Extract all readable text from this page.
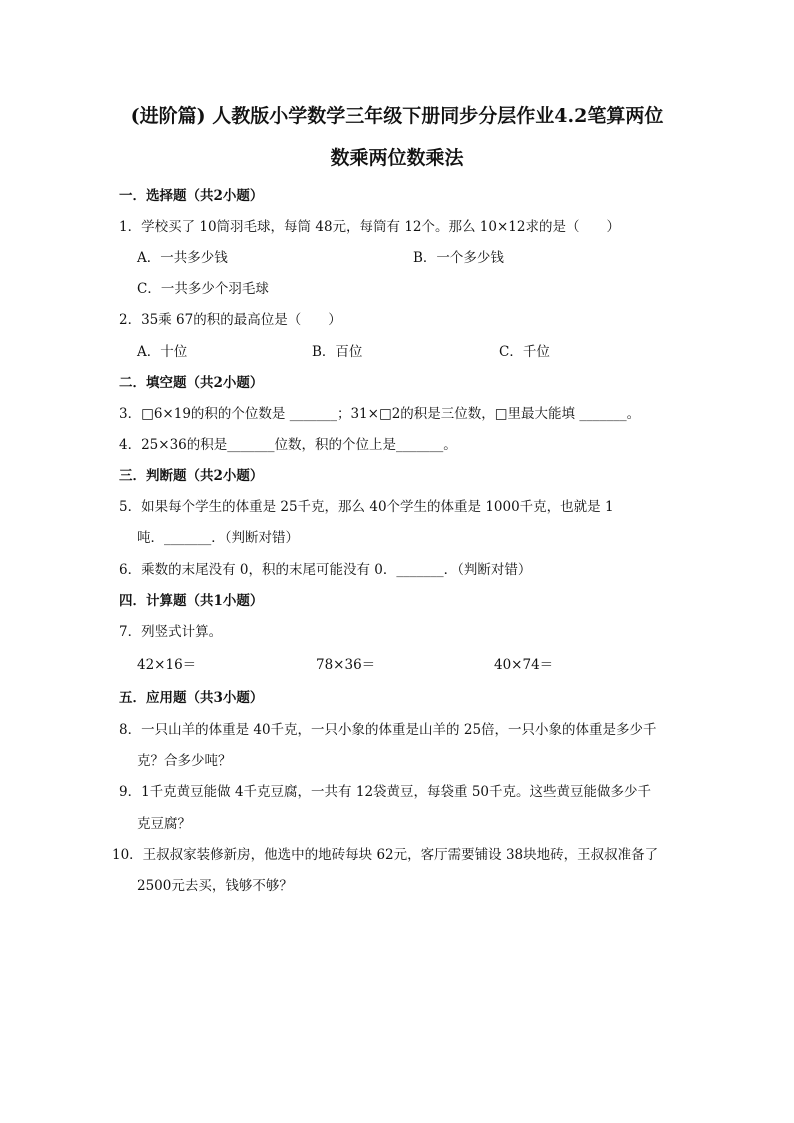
(进阶篇) 人教版小学数学三年级下册同步分层作业4.2笔算两位
数乘两位数乘法
一．选择题（共2小题）
1．学校买了 10筒羽毛球，每筒 48元，每筒有 12个。那么 10×12求的是（　　）
A．一共多少钱	B．一个多少钱
C．一共多少个羽毛球
2．35乘 67的积的最高位是（　　）
A．十位	B．百位	C．千位
二．填空题（共2小题）
3．□6×19的积的个位数是 _______；31×□2的积是三位数，□里最大能填 _______。
4．25×36的积是_______位数，积的个位上是_______。
三．判断题（共2小题）
5．如果每个学生的体重是 25千克，那么 40个学生的体重是 1000千克，也就是 1
吨．_______．（判断对错）
6．乘数的末尾没有 0，积的末尾可能没有 0．_______．（判断对错）
四．计算题（共1小题）
7．列竖式计算。
42×16＝	78×36＝	40×74＝
五．应用题（共3小题）
8．一只山羊的体重是 40千克，一只小象的体重是山羊的 25倍，一只小象的体重是多少千
克？合多少吨？
9．1千克黄豆能做 4千克豆腐，一共有 12袋黄豆，每袋重 50千克。这些黄豆能做多少千
克豆腐？
10．王叔叔家装修新房，他选中的地砖每块 62元，客厅需要铺设 38块地砖，王叔叔准备了
2500元去买，钱够不够？
